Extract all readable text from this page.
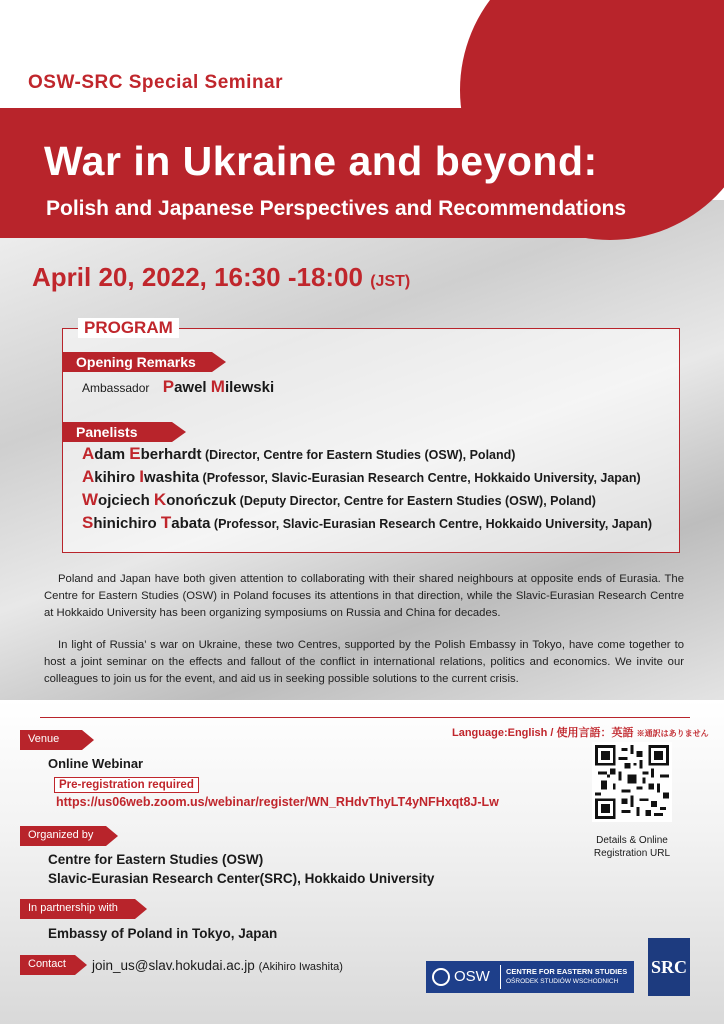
OSW-SRC Special Seminar
War in Ukraine and beyond:
Polish and Japanese Perspectives and Recommendations
April 20, 2022, 16:30 -18:00 (JST)
PROGRAM
Opening Remarks
Ambassador Pawel Milewski
Panelists
Adam Eberhardt (Director, Centre for Eastern Studies (OSW), Poland)
Akihiro Iwashita (Professor, Slavic-Eurasian Research Centre, Hokkaido University, Japan)
Wojciech Konończuk (Deputy Director, Centre for Eastern Studies (OSW), Poland)
Shinichiro Tabata (Professor, Slavic-Eurasian Research Centre, Hokkaido University, Japan)

Poland and Japan have both given attention to collaborating with their shared neighbours at opposite ends of Eurasia. The Centre for Eastern Studies (OSW) in Poland focuses its attentions in that direction, while the Slavic-Eurasian Research Centre at Hokkaido University has been organizing symposiums on Russia and China for decades.

In light of Russia’ s war on Ukraine, these two Centres, supported by the Polish Embassy in Tokyo, have come together to host a joint seminar on the effects and fallout of the conflict in international relations, politics and economics. We invite our colleagues to join us for the event, and aid us in seeking possible solutions to the current crisis.

Language:English / 使用言語：英語 ※通訳はありません
Venue
Online Webinar
Pre-registration required
https://us06web.zoom.us/webinar/register/WN_RHdvThyLT4yNFHxqt8J-Lw
Details & Online Registration URL
Organized by
Centre for Eastern Studies (OSW)
Slavic-Eurasian Research Center(SRC), Hokkaido University
In partnership with
Embassy of Poland in Tokyo, Japan
Contact	join_us@slav.hokudai.ac.jp (Akihiro Iwashita)
OSW CENTRE FOR EASTERN STUDIES
OŚRODEK STUDIÓW WSCHODNICH
SRC
